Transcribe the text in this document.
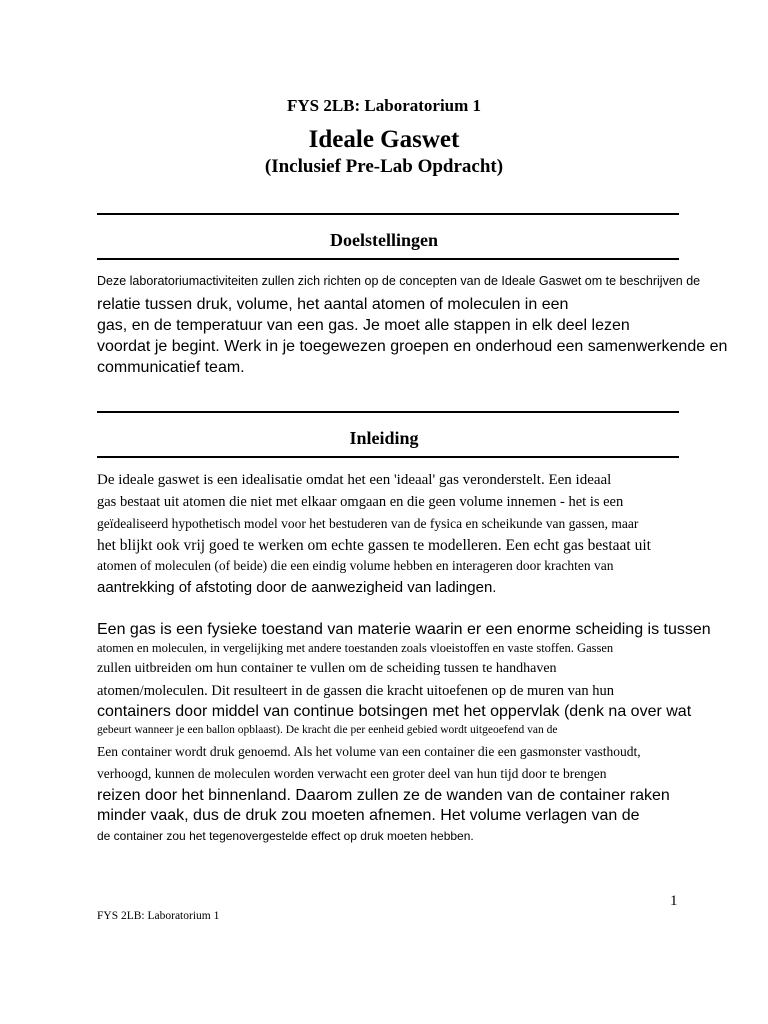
FYS 2LB: Laboratorium 1
Ideale Gaswet
(Inclusief Pre-Lab Opdracht)
Doelstellingen
Deze laboratoriumactiviteiten zullen zich richten op de concepten van de Ideale Gaswet om te beschrijven de
relatie tussen druk, volume, het aantal atomen of moleculen in een
gas, en de temperatuur van een gas. Je moet alle stappen in elk deel lezen
voordat je begint. Werk in je toegewezen groepen en onderhoud een samenwerkende en
communicatief team.
Inleiding
De ideale gaswet is een idealisatie omdat het een 'ideaal' gas veronderstelt. Een ideaal
gas bestaat uit atomen die niet met elkaar omgaan en die geen volume innemen - het is een
geïdealiseerd hypothetisch model voor het bestuderen van de fysica en scheikunde van gassen, maar
het blijkt ook vrij goed te werken om echte gassen te modelleren. Een echt gas bestaat uit
atomen of moleculen (of beide) die een eindig volume hebben en interageren door krachten van
aantrekking of afstoting door de aanwezigheid van ladingen.
Een gas is een fysieke toestand van materie waarin er een enorme scheiding is tussen
atomen en moleculen, in vergelijking met andere toestanden zoals vloeistoffen en vaste stoffen. Gassen
zullen uitbreiden om hun container te vullen om de scheiding tussen te handhaven
atomen/moleculen. Dit resulteert in de gassen die kracht uitoefenen op de muren van hun
containers door middel van continue botsingen met het oppervlak (denk na over wat
gebeurt wanneer je een ballon opblaast). De kracht die per eenheid gebied wordt uitgeoefend van de
Een container wordt druk genoemd. Als het volume van een container die een gasmonster vasthoudt,
verhoogd, kunnen de moleculen worden verwacht een groter deel van hun tijd door te brengen
reizen door het binnenland. Daarom zullen ze de wanden van de container raken
minder vaak, dus de druk zou moeten afnemen. Het volume verlagen van de
de container zou het tegenovergestelde effect op druk moeten hebben.
1
FYS 2LB: Laboratorium 1
